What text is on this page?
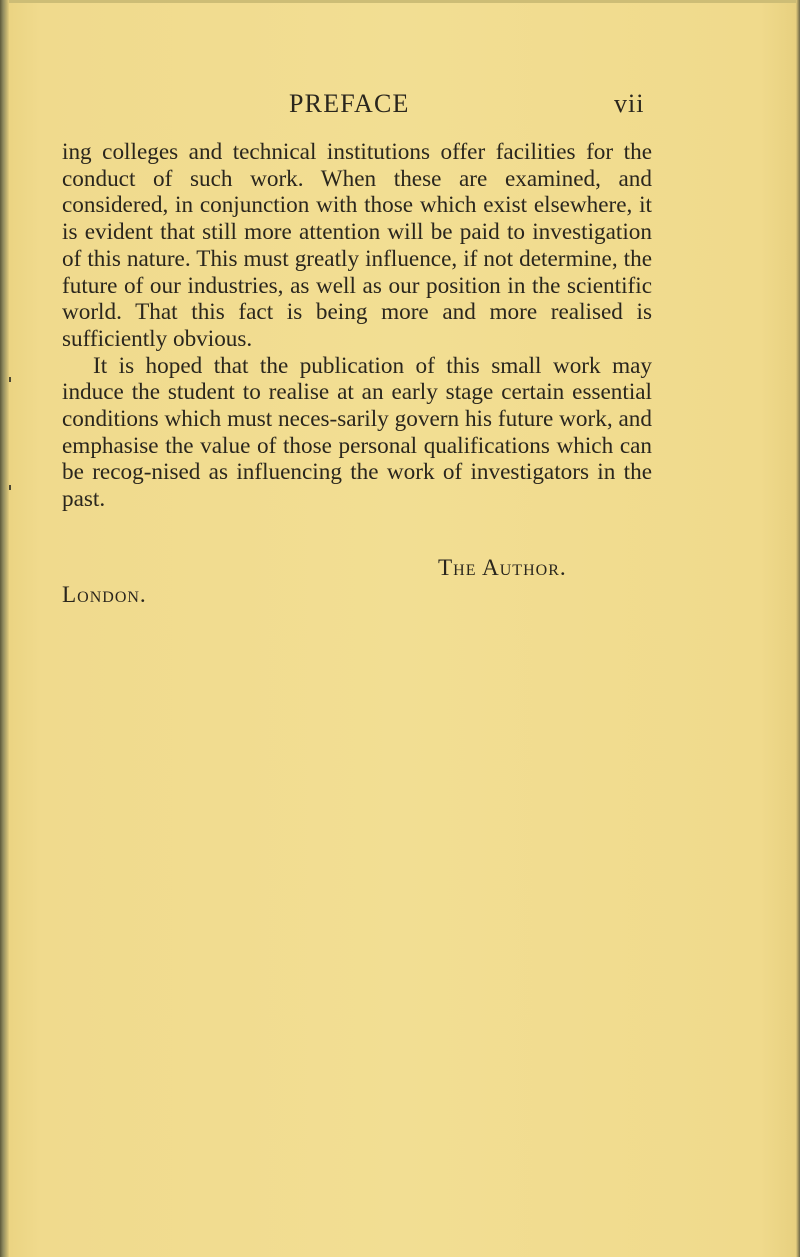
PREFACE	vii

ing colleges and technical institutions offer facilities for the conduct of such work. When these are examined, and considered, in conjunction with those which exist elsewhere, it is evident that still more attention will be paid to investigation of this nature. This must greatly influence, if not determine, the future of our industries, as well as our position in the scientific world. That this fact is being more and more realised is sufficiently obvious.

It is hoped that the publication of this small work may induce the student to realise at an early stage certain essential conditions which must neces-sarily govern his future work, and emphasise the value of those personal qualifications which can be recog-nised as influencing the work of investigators in the past.

The Author.
London.
